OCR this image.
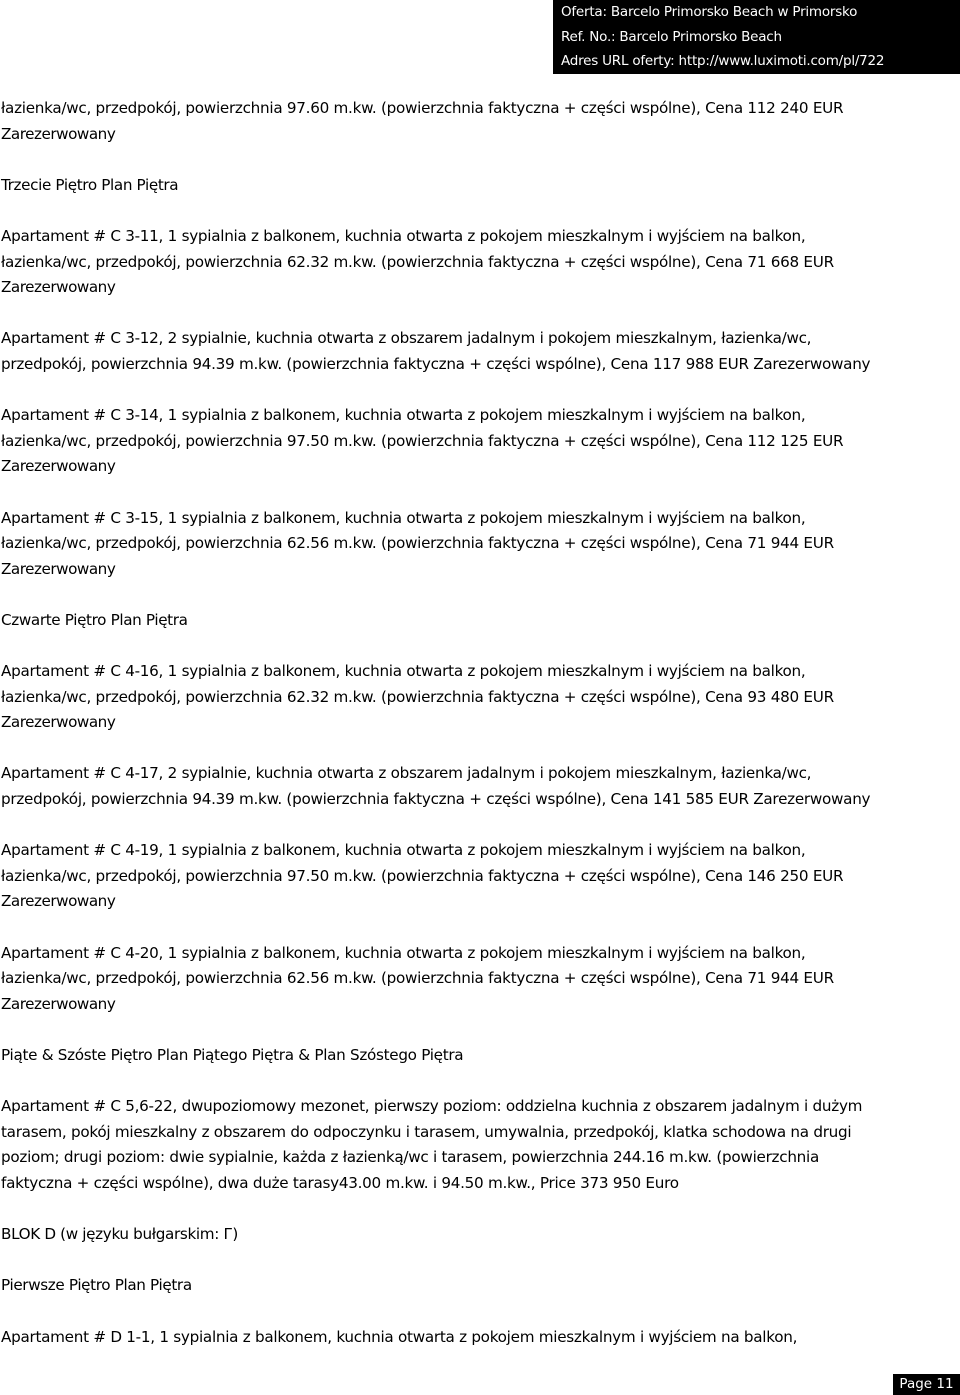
Oferta: Barcelo Primorsko Beach w Primorsko
Ref. No.: Barcelo Primorsko Beach
Adres URL oferty: http://www.luximoti.com/pl/722

łazienka/wc, przedpokój, powierzchnia 97.60 m.kw. (powierzchnia faktyczna + części wspólne), Cena 112 240 EUR
Zarezerwowany

Trzecie Piętro Plan Piętra

Apartament # C 3-11, 1 sypialnia z balkonem, kuchnia otwarta z pokojem mieszkalnym i wyjściem na balkon,
łazienka/wc, przedpokój, powierzchnia 62.32 m.kw. (powierzchnia faktyczna + części wspólne), Cena 71 668 EUR
Zarezerwowany

Apartament # C 3-12, 2 sypialnie, kuchnia otwarta z obszarem jadalnym i pokojem mieszkalnym, łazienka/wc,
przedpokój, powierzchnia 94.39 m.kw. (powierzchnia faktyczna + części wspólne), Cena 117 988 EUR Zarezerwowany

Apartament # C 3-14, 1 sypialnia z balkonem, kuchnia otwarta z pokojem mieszkalnym i wyjściem na balkon,
łazienka/wc, przedpokój, powierzchnia 97.50 m.kw. (powierzchnia faktyczna + części wspólne), Cena 112 125 EUR
Zarezerwowany

Apartament # C 3-15, 1 sypialnia z balkonem, kuchnia otwarta z pokojem mieszkalnym i wyjściem na balkon,
łazienka/wc, przedpokój, powierzchnia 62.56 m.kw. (powierzchnia faktyczna + części wspólne), Cena 71 944 EUR
Zarezerwowany

Czwarte Piętro Plan Piętra

Apartament # C 4-16, 1 sypialnia z balkonem, kuchnia otwarta z pokojem mieszkalnym i wyjściem na balkon,
łazienka/wc, przedpokój, powierzchnia 62.32 m.kw. (powierzchnia faktyczna + części wspólne), Cena 93 480 EUR
Zarezerwowany

Apartament # C 4-17, 2 sypialnie, kuchnia otwarta z obszarem jadalnym i pokojem mieszkalnym, łazienka/wc,
przedpokój, powierzchnia 94.39 m.kw. (powierzchnia faktyczna + części wspólne), Cena 141 585 EUR Zarezerwowany

Apartament # C 4-19, 1 sypialnia z balkonem, kuchnia otwarta z pokojem mieszkalnym i wyjściem na balkon,
łazienka/wc, przedpokój, powierzchnia 97.50 m.kw. (powierzchnia faktyczna + części wspólne), Cena 146 250 EUR
Zarezerwowany

Apartament # C 4-20, 1 sypialnia z balkonem, kuchnia otwarta z pokojem mieszkalnym i wyjściem na balkon,
łazienka/wc, przedpokój, powierzchnia 62.56 m.kw. (powierzchnia faktyczna + części wspólne), Cena 71 944 EUR
Zarezerwowany

Piąte & Szóste Piętro Plan Piątego Piętra & Plan Szóstego Piętra

Apartament # C 5,6-22, dwupoziomowy mezonet, pierwszy poziom: oddzielna kuchnia z obszarem jadalnym i dużym
tarasem, pokój mieszkalny z obszarem do odpoczynku i tarasem, umywalnia, przedpokój, klatka schodowa na drugi
poziom; drugi poziom: dwie sypialnie, każda z łazienką/wc i tarasem, powierzchnia 244.16 m.kw. (powierzchnia
faktyczna + części wspólne), dwa duże tarasy43.00 m.kw. i 94.50 m.kw., Price 373 950 Euro

BLOK D (w języku bułgarskim: Г)

Pierwsze Piętro Plan Piętra

Apartament # D 1-1, 1 sypialnia z balkonem, kuchnia otwarta z pokojem mieszkalnym i wyjściem na balkon,

Page 11
